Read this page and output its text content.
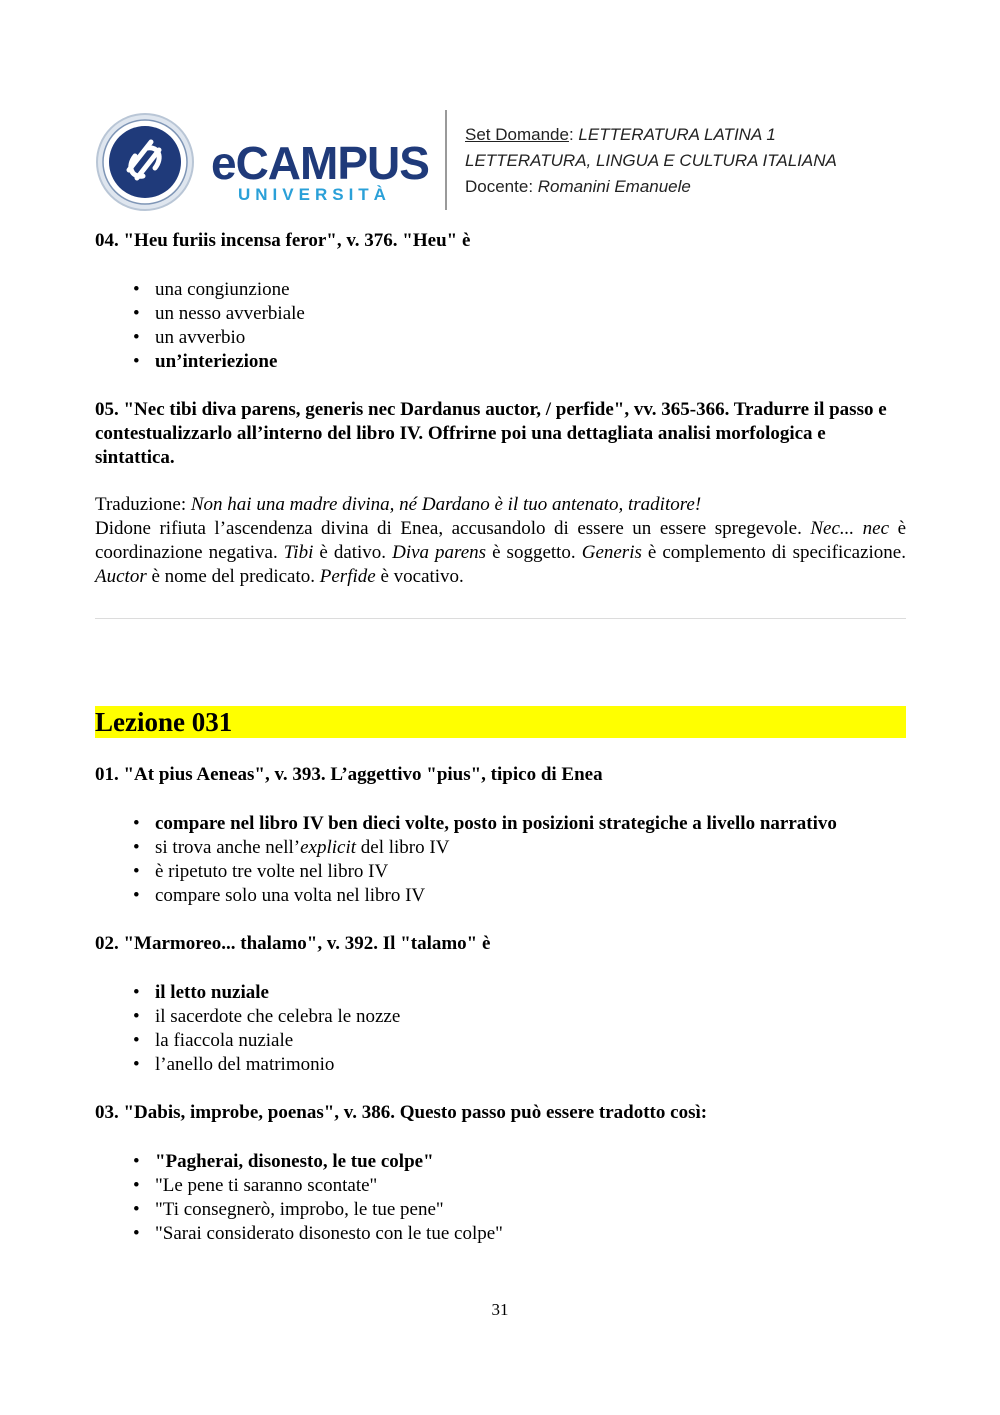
eCAMPUS
UNIVERSITÀ
Set Domande: LETTERATURA LATINA 1
LETTERATURA, LINGUA E CULTURA ITALIANA
Docente: Romanini Emanuele

04. "Heu furiis incensa feror", v. 376. "Heu" è

• una congiunzione
• un nesso avverbiale
• un avverbio
• un’interiezione

05. "Nec tibi diva parens, generis nec Dardanus auctor, / perfide", vv. 365-366. Tradurre il passo e contestualizzarlo all’interno del libro IV. Offrirne poi una dettagliata analisi morfologica e sintattica.

Traduzione: Non hai una madre divina, né Dardano è il tuo antenato, traditore!

Didone rifiuta l’ascendenza divina di Enea, accusandolo di essere un essere spregevole. Nec... nec è coordinazione negativa. Tibi è dativo. Diva parens è soggetto. Generis è complemento di specificazione. Auctor è nome del predicato. Perfide è vocativo.

Lezione 031

01. "At pius Aeneas", v. 393. L’aggettivo "pius", tipico di Enea

• compare nel libro IV ben dieci volte, posto in posizioni strategiche a livello narrativo
• si trova anche nell’explicit del libro IV
• è ripetuto tre volte nel libro IV
• compare solo una volta nel libro IV

02. "Marmoreo... thalamo", v. 392. Il "talamo" è

• il letto nuziale
• il sacerdote che celebra le nozze
• la fiaccola nuziale
• l’anello del matrimonio

03. "Dabis, improbe, poenas", v. 386. Questo passo può essere tradotto così:

• "Pagherai, disonesto, le tue colpe"
• "Le pene ti saranno scontate"
• "Ti consegnerò, improbo, le tue pene"
• "Sarai considerato disonesto con le tue colpe"
31
